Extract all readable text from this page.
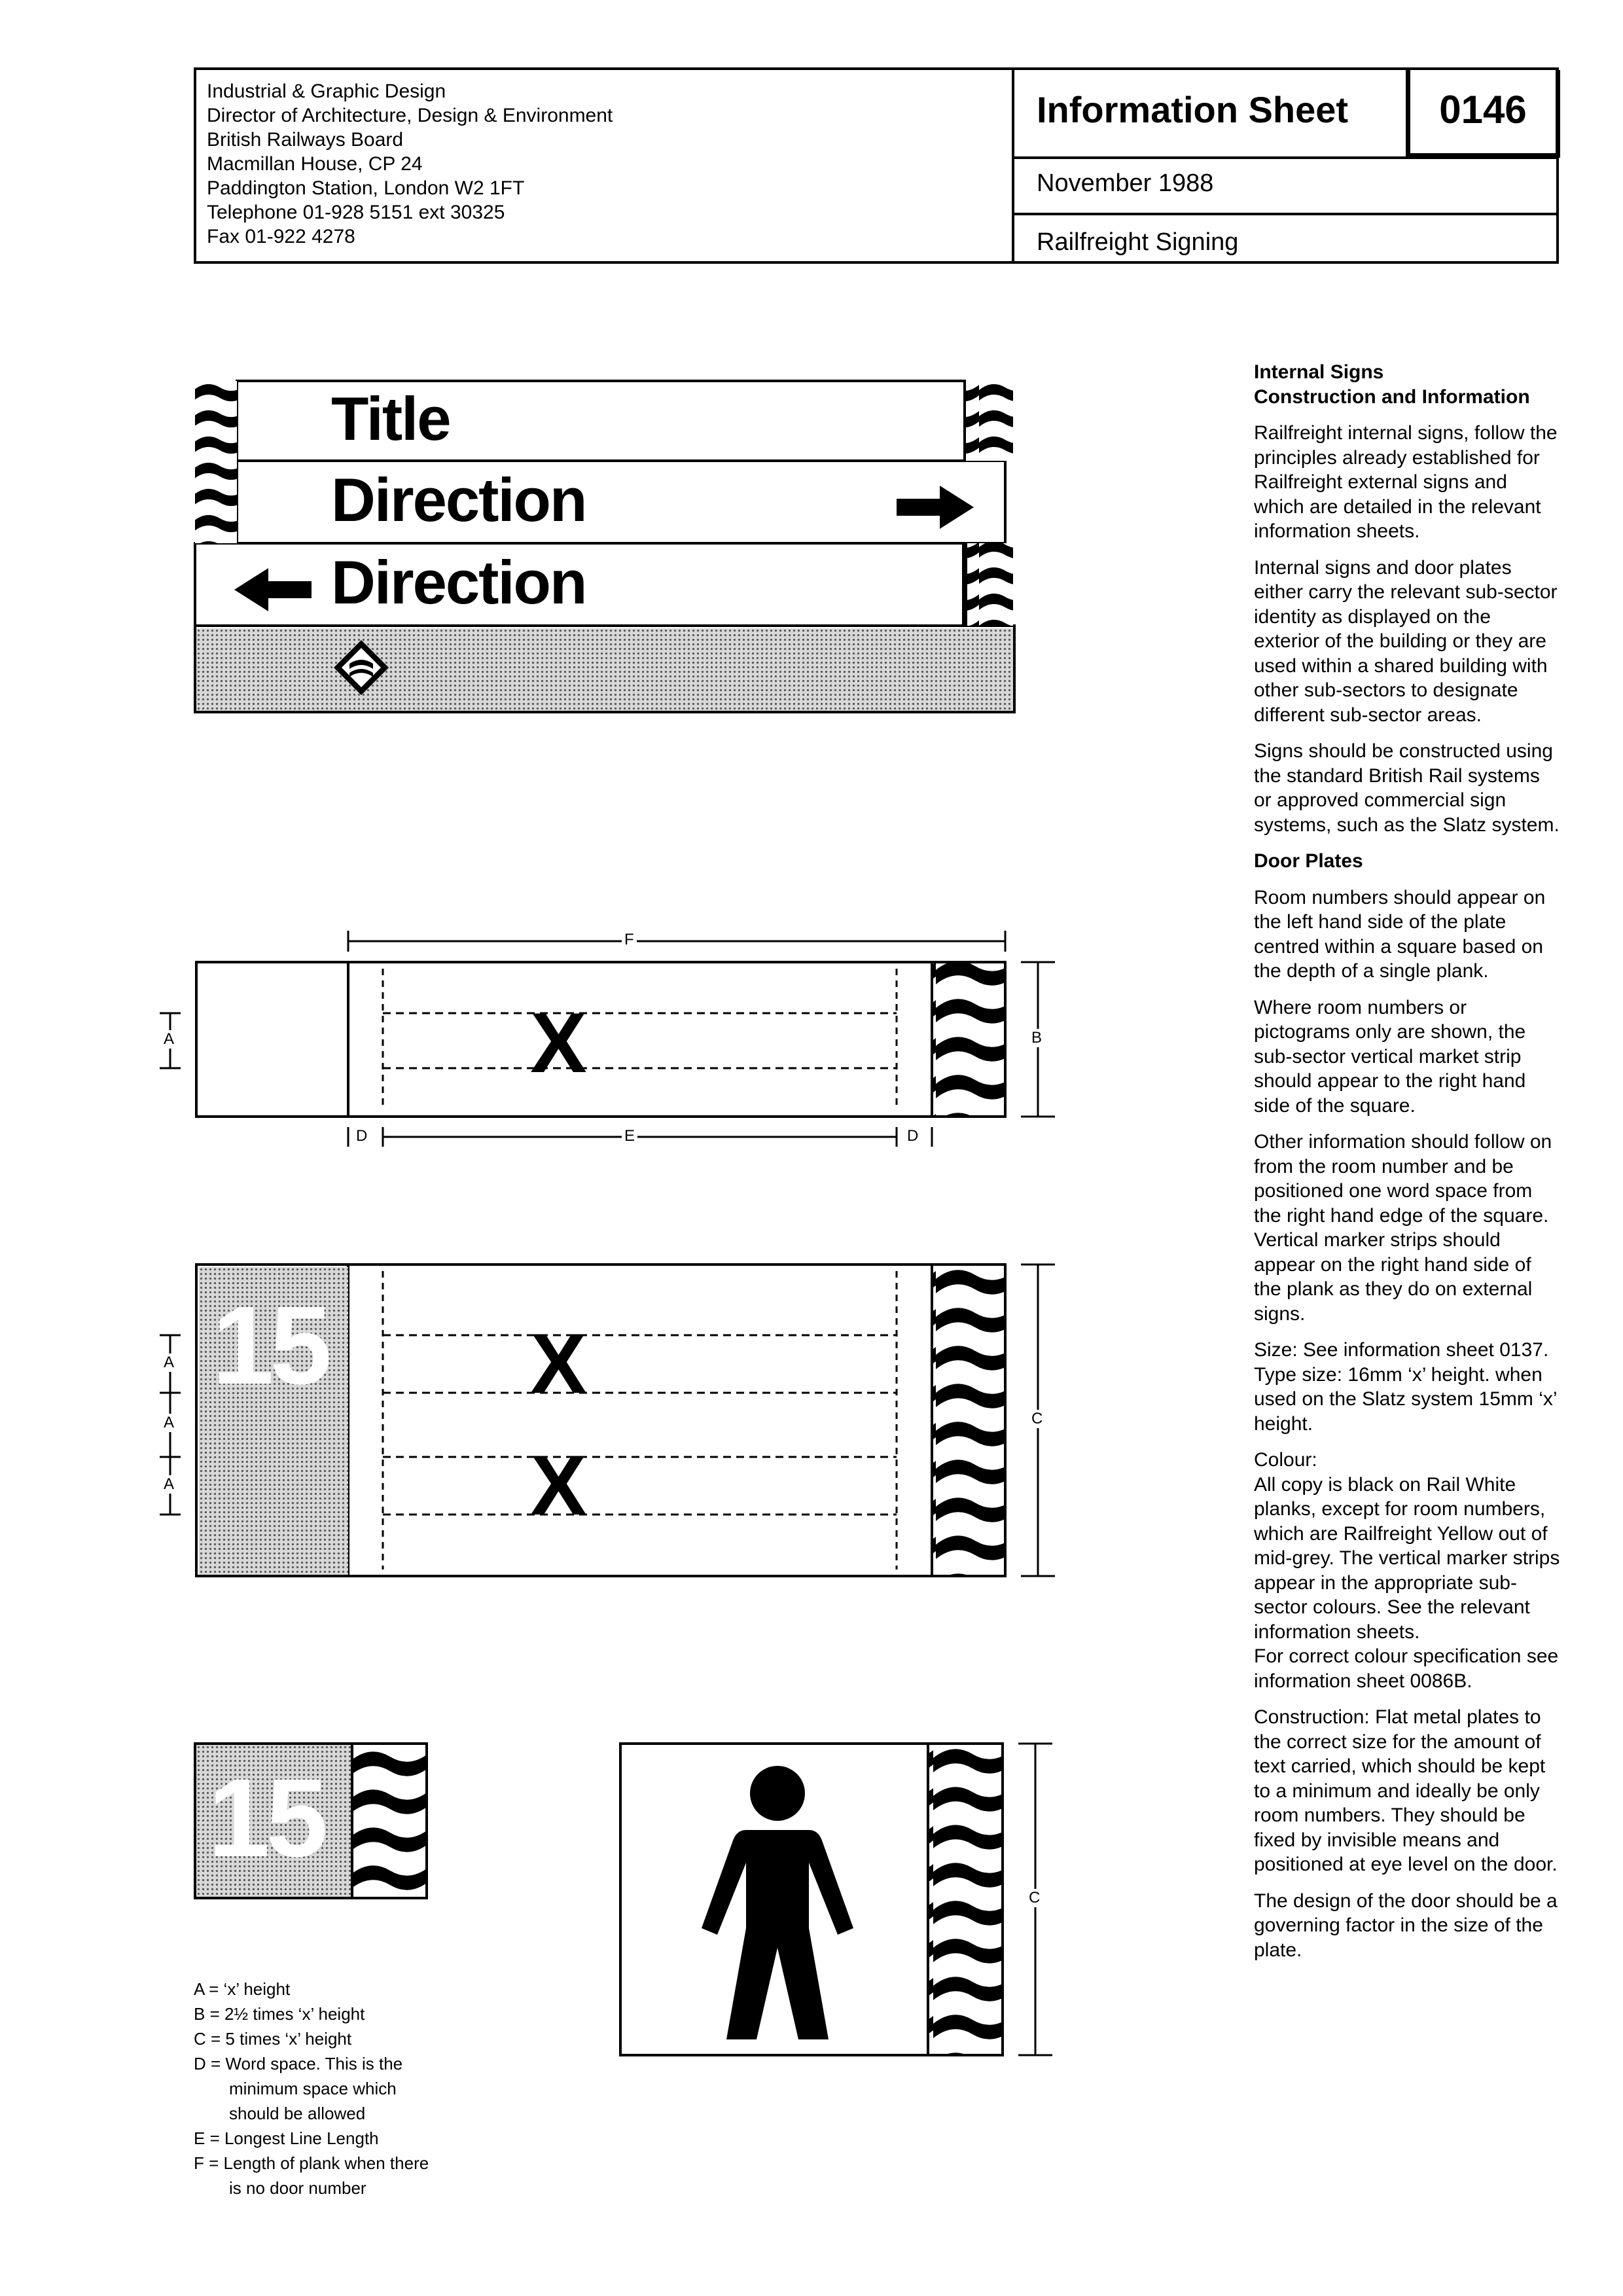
Industrial & Graphic Design
Director of Architecture, Design & Environment
British Railways Board
Macmillan House, CP 24
Paddington Station, London W2 1FT
Telephone 01-928 5151 ext 30325
Fax 01-922 4278
Information Sheet	0146
November 1988
Railfreight Signing
Title
Direction
Direction
F
A	B
D	E	D
X
15
A
A
A
C
X
X
15
C
A = ‘x’ height
B = 2½ times ‘x’ height
C = 5 times ‘x’ height
D = Word space. This is the
minimum space which
should be allowed
E = Longest Line Length
F = Length of plank when there
is no door number
Internal Signs
Construction and Information

Railfreight internal signs, follow the principles already established for Railfreight external signs and which are detailed in the relevant information sheets.

Internal signs and door plates either carry the relevant sub-sector identity as displayed on the exterior of the building or they are used within a shared building with other sub-sectors to designate different sub-sector areas.

Signs should be constructed using the standard British Rail systems or approved commercial sign systems, such as the Slatz system.

Door Plates

Room numbers should appear on the left hand side of the plate centred within a square based on the depth of a single plank.

Where room numbers or pictograms only are shown, the sub-sector vertical market strip should appear to the right hand side of the square.

Other information should follow on from the room number and be positioned one word space from the right hand edge of the square. Vertical marker strips should appear on the right hand side of the plank as they do on external signs.

Size: See information sheet 0137. Type size: 16mm ‘x’ height. when used on the Slatz system 15mm ‘x’ height.

Colour:
All copy is black on Rail White planks, except for room numbers, which are Railfreight Yellow out of mid-grey. The vertical marker strips appear in the appropriate sub-sector colours. See the relevant information sheets.
For correct colour specification see information sheet 0086B.

Construction: Flat metal plates to the correct size for the amount of text carried, which should be kept to a minimum and ideally be only room numbers. They should be fixed by invisible means and positioned at eye level on the door.

The design of the door should be a governing factor in the size of the plate.
